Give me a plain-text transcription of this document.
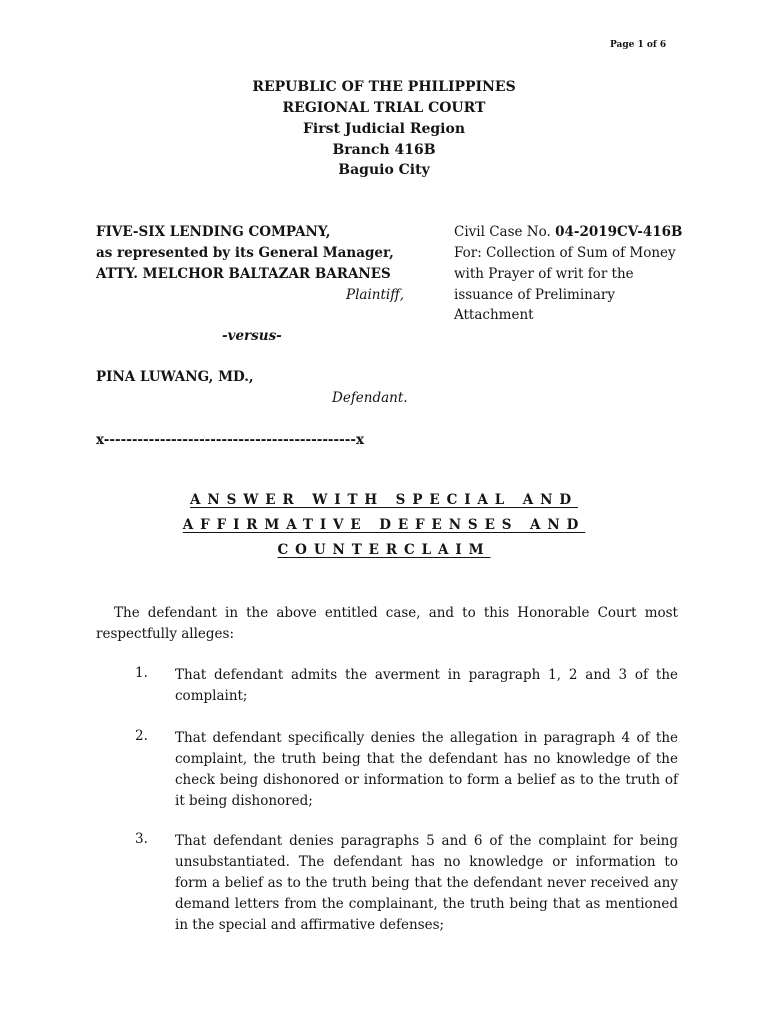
Page 1 of 6
REPUBLIC OF THE PHILIPPINES
REGIONAL TRIAL COURT
First Judicial Region
Branch 416B
Baguio City
FIVE-SIX LENDING COMPANY,
as represented by its General Manager,
ATTY. MELCHOR BALTAZAR BARANES
Plaintiff,
-versus-
PINA LUWANG, MD.,
Defendant.
x---------------------------------------------x
Civil Case No. 04-2019CV-416B
For: Collection of Sum of Money
with Prayer of writ for the
issuance of Preliminary
Attachment
ANSWER WITH SPECIAL AND
AFFIRMATIVE DEFENSES AND
COUNTERCLAIM
The defendant in the above entitled case, and to this Honorable Court most respectfully alleges:
1. That defendant admits the averment in paragraph 1, 2 and 3 of the complaint;
2. That defendant specifically denies the allegation in paragraph 4 of the complaint, the truth being that the defendant has no knowledge of the check being dishonored or information to form a belief as to the truth of it being dishonored;
3. That defendant denies paragraphs 5 and 6 of the complaint for being unsubstantiated. The defendant has no knowledge or information to form a belief as to the truth being that the defendant never received any demand letters from the complainant, the truth being that as mentioned in the special and affirmative defenses;
